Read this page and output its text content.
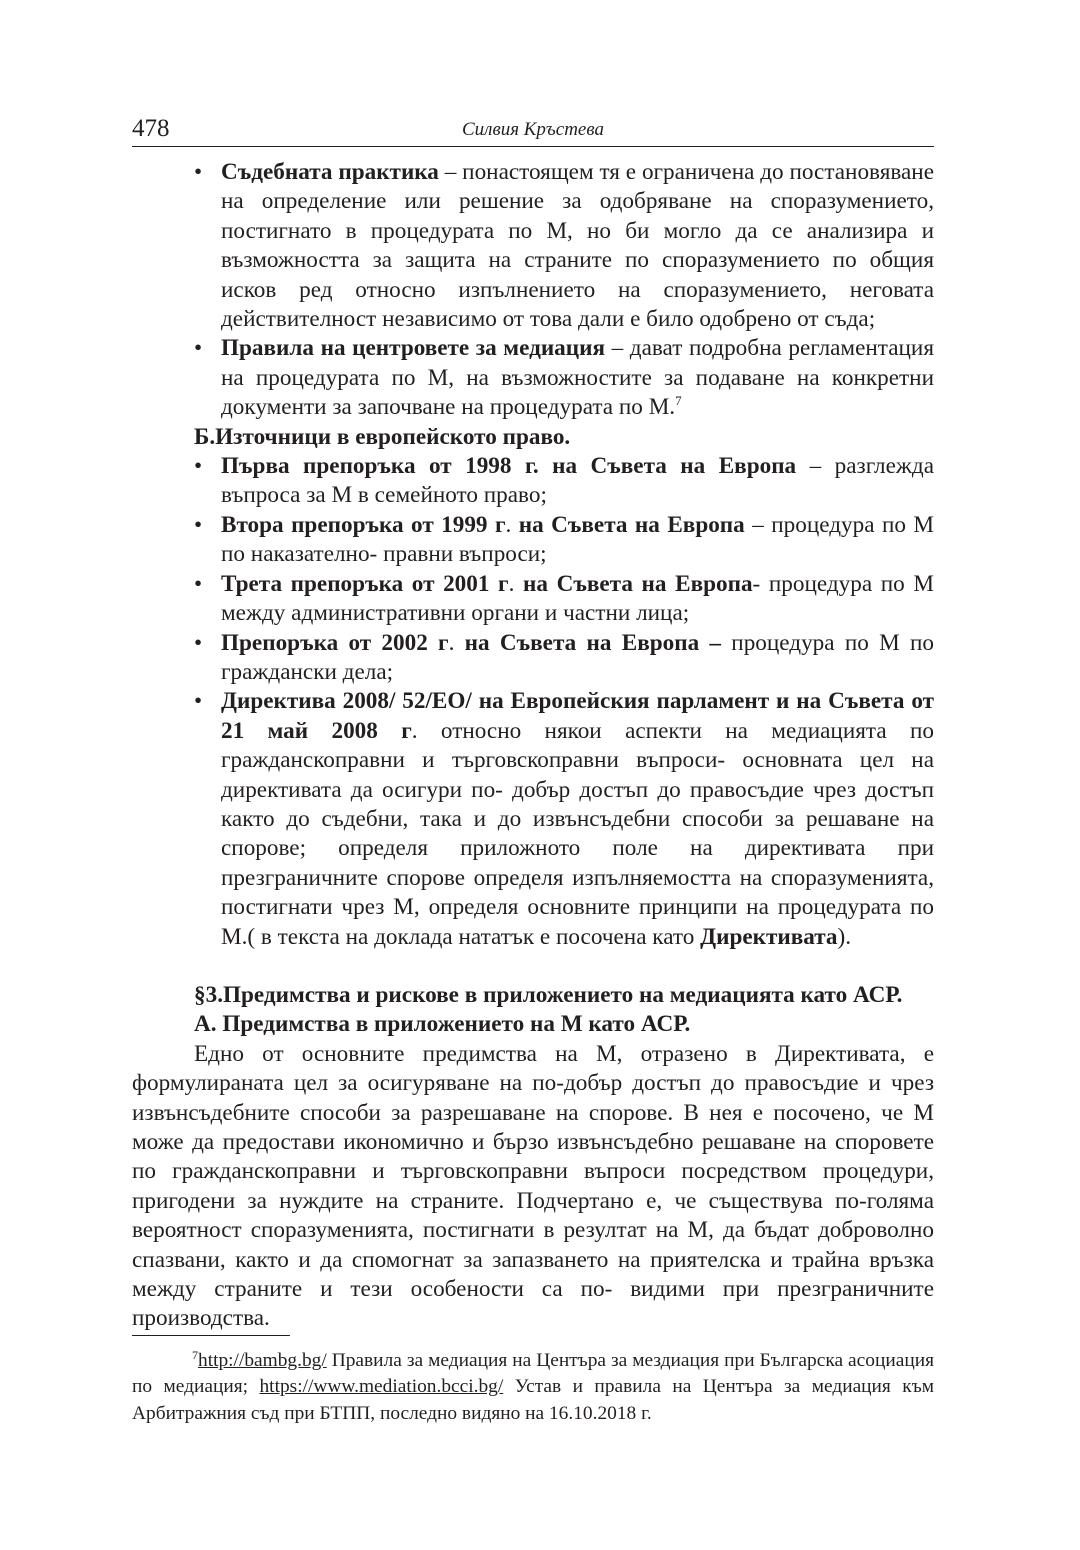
478	Силвия Кръстева
• Съдебната практика – понастоящем тя е ограничена до постановяване на определение или решение за одобряване на споразумението, постигнато в процедурата по М, но би могло да се анализира и възможността за защита на страните по споразумението по общия исков ред относно изпълнението на споразумението, неговата действителност независимо от това дали е било одобрено от съда;
• Правила на центровете за медиация – дават подробна регламентация на процедурата по М, на възможностите за подаване на конкретни документи за започване на процедурата по М.$^7$
Б.Източници в европейското право.
• Първа препоръка от 1998 г. на Съвета на Европа – разглежда въпроса за М в семейното право;
• Втора препоръка от 1999 г. на Съвета на Европа – процедура по М по наказателно- правни въпроси;
• Трета препоръка от 2001 г. на Съвета на Европа- процедура по М между административни органи и частни лица;
• Препоръка от 2002 г. на Съвета на Европа – процедура по М по граждански дела;
• Директива 2008/ 52/ЕО/ на Европейския парламент и на Съвета от 21 май 2008 г. относно някои аспекти на медиацията по гражданскоправни и търговскоправни въпроси- основната цел на директивата да осигури по- добър достъп до правосъдие чрез достъп както до съдебни, така и до извънсъдебни способи за решаване на спорове; определя приложното поле на директивата при презграничните спорове определя изпълняемостта на споразуменията, постигнати чрез М, определя основните принципи на процедурата по М.( в текста на доклада нататък е посочена като Директивата).
§3.Предимства и рискове в приложението на медиацията като АСР.
А. Предимства в приложението на М като АСР.

Едно от основните предимства на М, отразено в Директивата, е формулираната цел за осигуряване на по-добър достъп до правосъдие и чрез извънсъдебните способи за разрешаване на спорове. В нея е посочено, че М може да предостави икономично и бързо извънсъдебно решаване на споровете по гражданскоправни и търговскоправни въпроси посредством процедури, пригодени за нуждите на страните. Подчертано е, че съществува по-голяма вероятност споразуменията, постигнати в резултат на М, да бъдат доброволно спазвани, както и да спомогнат за запазването на приятелска и трайна връзка между страните и тези особености са по- видими при презграничните производства.

$^7$http://bambg.bg/ Правила за медиация на Центъра за мездиация при Българска асоциация по медиация; https://www.mediation.bcci.bg/ Устав и правила на Центъра за медиация към Арбитражния съд при БТПП, последно видяно на 16.10.2018 г.
